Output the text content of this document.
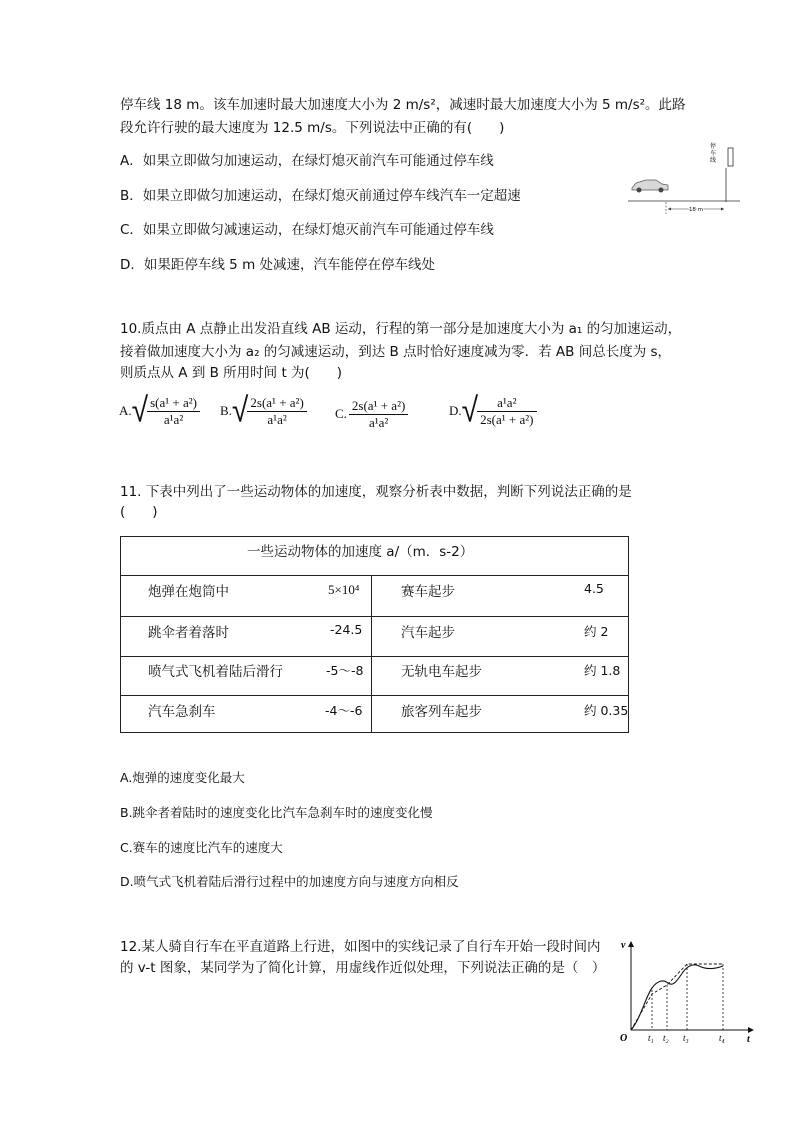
停车线 18 m。该车加速时最大加速度大小为 2 m/s²，减速时最大加速度大小为 5 m/s²。此路
段允许行驶的最大速度为 12.5 m/s。下列说法中正确的有(　　)
A．如果立即做匀加速运动，在绿灯熄灭前汽车可能通过停车线
B．如果立即做匀加速运动，在绿灯熄灭前通过停车线汽车一定超速
C．如果立即做匀减速运动，在绿灯熄灭前汽车可能通过停车线
D．如果距停车线 5 m 处减速，汽车能停在停车线处
停车线
18 m
10.质点由 A 点静止出发沿直线 AB 运动，行程的第一部分是加速度大小为 a₁ 的匀加速运动，
接着做加速度大小为 a₂ 的匀减速运动，到达 B 点时恰好速度减为零．若 AB 间总长度为 s，
则质点从 A 到 B 所用时间 t 为(　　)
A. √ $\frac{\text{s(a¹ + a²)}}{\text{a¹a²}} B$. √ $\frac{\text{2s(a¹ + a²)}}{\text{a¹a²}} C$. $\frac{\text{2s(a¹ + a²)}}{\text{a¹a²}}$	D. √ $\frac{\text{a¹a²}}{\text{2s(a¹ + a²)}}$
11. 下表中列出了一些运动物体的加速度，观察分析表中数据，判断下列说法正确的是
(　　)
一些运动物体的加速度 a/（m．s-2）
炮弹在炮筒中	5×10⁴	赛车起步	4.5
跳伞者着落时	-24.5	汽车起步	约 2
喷气式飞机着陆后滑行	-5～-8	无轨电车起步	约 1.8
汽车急刹车	-4～-6	旅客列车起步	约 0.35
A.炮弹的速度变化最大
B.跳伞者着陆时的速度变化比汽车急刹车时的速度变化慢
C.赛车的速度比汽车的速度大
D.喷气式飞机着陆后滑行过程中的加速度方向与速度方向相反
12.某人骑自行车在平直道路上行进，如图中的实线记录了自行车开始一段时间内
的 v-t 图象，某同学为了简化计算，用虚线作近似处理，下列说法正确的是（　）
v
t
O t₁ t₂ t₃	t₄
